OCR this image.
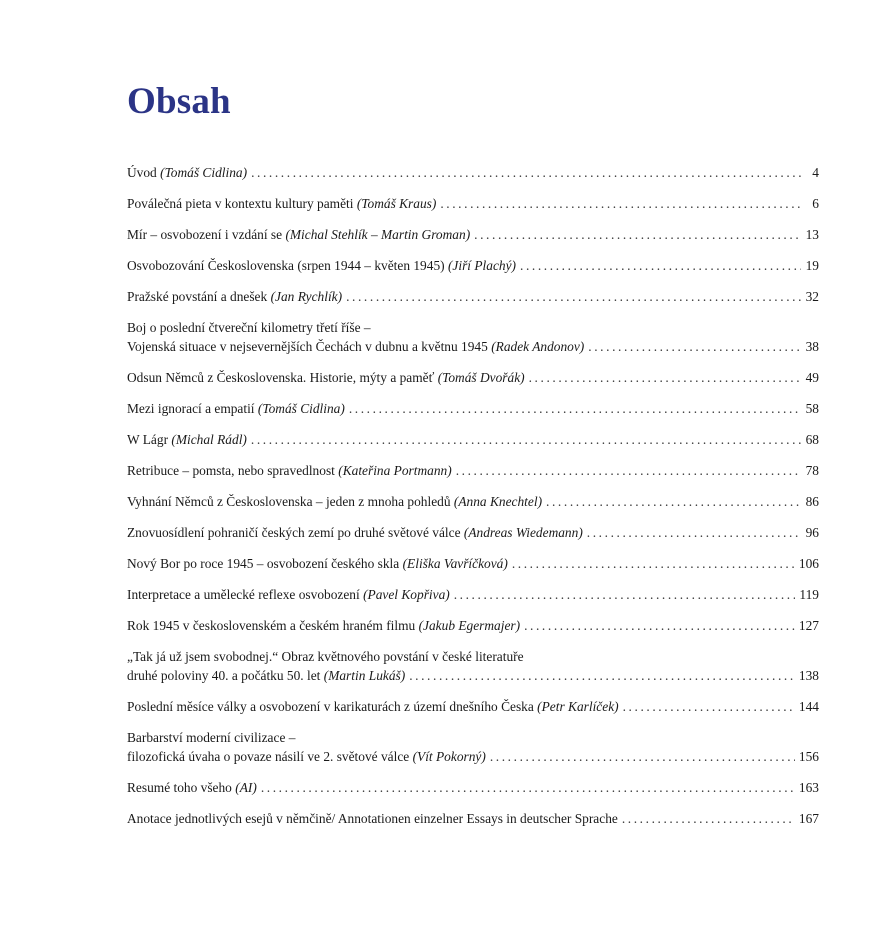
Obsah
Úvod (Tomáš Cidlina) .....	4
Poválečná pieta v kontextu kultury paměti (Tomáš Kraus) .....	6
Mír – osvobození i vzdání se (Michal Stehlík – Martin Groman) .....	13
Osvobozování Československa (srpen 1944 – květen 1945) (Jiří Plachý) .....	19
Pražské povstání a dnešek (Jan Rychlík) .....	32
Boj o poslední čtvereční kilometry třetí říše –
Vojenská situace v nejsevernějších Čechách v dubnu a květnu 1945 (Radek Andonov) .....	38
Odsun Němců z Československa. Historie, mýty a paměť (Tomáš Dvořák) .....	49
Mezi ignorací a empatií (Tomáš Cidlina) .....	58
W Lágr (Michal Rádl) .....	68
Retribuce – pomsta, nebo spravedlnost (Kateřina Portmann) .....	78
Vyhnání Němců z Československa – jeden z mnoha pohledů (Anna Knechtel) .....	86
Znovuosídlení pohraničí českých zemí po druhé světové válce (Andreas Wiedemann) .....	96
Nový Bor po roce 1945 – osvobození českého skla (Eliška Vavříčková) .....	106
Interpretace a umělecké reflexe osvobození (Pavel Kopřiva) .....	119
Rok 1945 v československém a českém hraném filmu (Jakub Egermajer) .....	127
„Tak já už jsem svobodnej.“ Obraz květnového povstání v české literatuře
druhé poloviny 40. a počátku 50. let (Martin Lukáš) .....	138
Poslední měsíce války a osvobození v karikaturách z území dnešního Česka (Petr Karlíček) .....	144
Barbarství moderní civilizace –
filozofická úvaha o povaze násilí ve 2. světové válce (Vít Pokorný) .....	156
Resumé toho všeho (AI) .....	163
Anotace jednotlivých esejů v němčině/ Annotationen einzelner Essays in deutscher Sprache .....	167
